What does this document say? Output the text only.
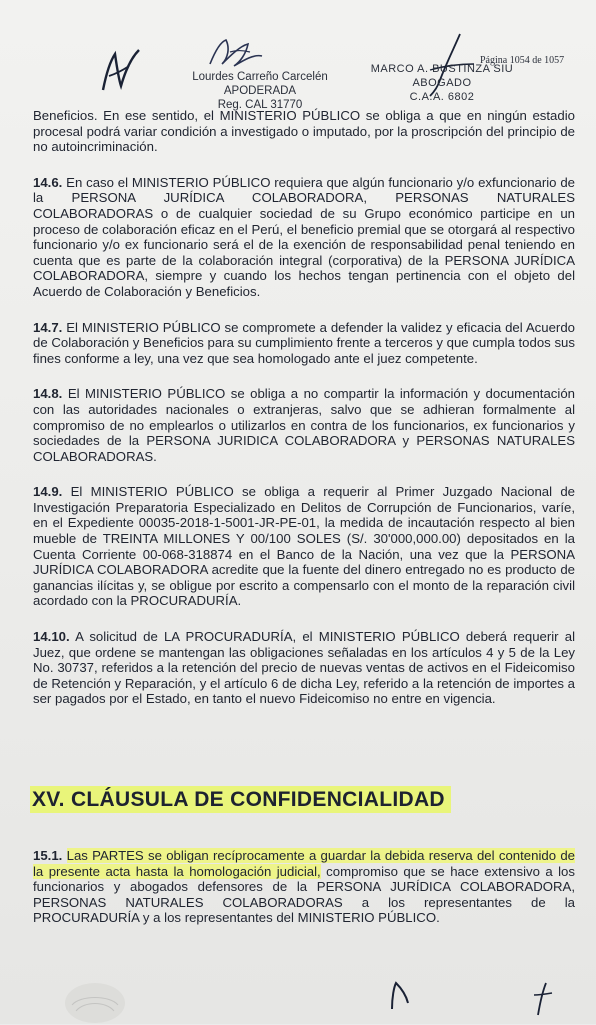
Lourdes Carreño Carcelén
APODERADA
Reg. CAL 31770
Página 1054 de 1057
MARCO A. BUSTINZA SIU
ABOGADO
C.A.A. 6802

Beneficios. En ese sentido, el MINISTERIO PÚBLICO se obliga a que en ningún estadio procesal podrá variar condición a investigado o imputado, por la proscripción del principio de no autoincriminación.

14.6. En caso el MINISTERIO PÚBLICO requiera que algún funcionario y/o exfuncionario de la PERSONA JURÍDICA COLABORADORA, PERSONAS NATURALES COLABORADORAS o de cualquier sociedad de su Grupo económico participe en un proceso de colaboración eficaz en el Perú, el beneficio premial que se otorgará al respectivo funcionario y/o ex funcionario será el de la exención de responsabilidad penal teniendo en cuenta que es parte de la colaboración integral (corporativa) de la PERSONA JURÍDICA COLABORADORA, siempre y cuando los hechos tengan pertinencia con el objeto del Acuerdo de Colaboración y Beneficios.

14.7. El MINISTERIO PÚBLICO se compromete a defender la validez y eficacia del Acuerdo de Colaboración y Beneficios para su cumplimiento frente a terceros y que cumpla todos sus fines conforme a ley, una vez que sea homologado ante el juez competente.

14.8. El MINISTERIO PÚBLICO se obliga a no compartir la información y documentación con las autoridades nacionales o extranjeras, salvo que se adhieran formalmente al compromiso de no emplearlos o utilizarlos en contra de los funcionarios, ex funcionarios y sociedades de la PERSONA JURIDICA COLABORADORA y PERSONAS NATURALES COLABORADORAS.

14.9. El MINISTERIO PÚBLICO se obliga a requerir al Primer Juzgado Nacional de Investigación Preparatoria Especializado en Delitos de Corrupción de Funcionarios, varíe, en el Expediente 00035-2018-1-5001-JR-PE-01, la medida de incautación respecto al bien mueble de TREINTA MILLONES Y 00/100 SOLES (S/. 30'000,000.00) depositados en la Cuenta Corriente 00-068-318874 en el Banco de la Nación, una vez que la PERSONA JURÍDICA COLABORADORA acredite que la fuente del dinero entregado no es producto de ganancias ilícitas y, se obligue por escrito a compensarlo con el monto de la reparación civil acordado con la PROCURADURÍA.

14.10. A solicitud de LA PROCURADURÍA, el MINISTERIO PÚBLICO deberá requerir al Juez, que ordene se mantengan las obligaciones señaladas en los artículos 4 y 5 de la Ley No. 30737, referidos a la retención del precio de nuevas ventas de activos en el Fideicomiso de Retención y Reparación, y el artículo 6 de dicha Ley, referido a la retención de importes a ser pagados por el Estado, en tanto el nuevo Fideicomiso no entre en vigencia.

XV. CLÁUSULA DE CONFIDENCIALIDAD
15.1. Las PARTES se obligan recíprocamente a guardar la debida reserva del contenido de la presente acta hasta la homologación judicial, compromiso que se hace extensivo a los funcionarios y abogados defensores de la PERSONA JURÍDICA COLABORADORA, PERSONAS NATURALES COLABORADORAS a los representantes de la PROCURADURÍA y a los representantes del MINISTERIO PÚBLICO.
